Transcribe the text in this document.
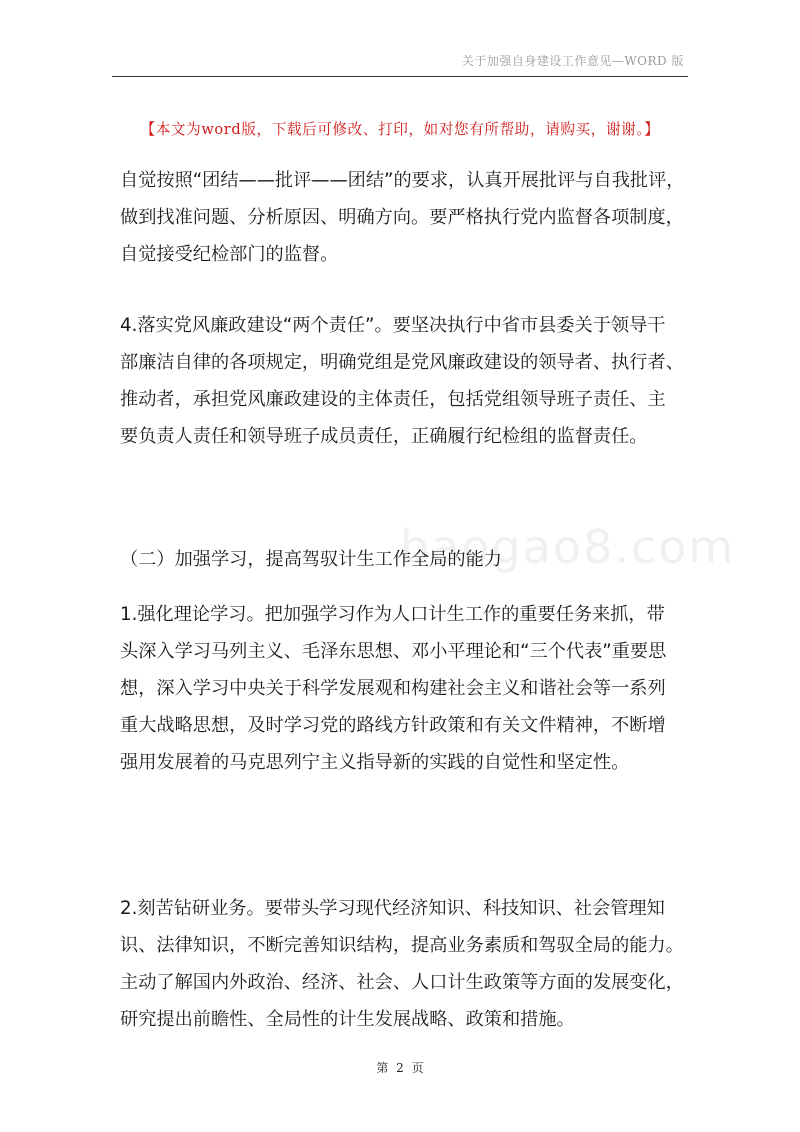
关于加强自身建设工作意见—WORD 版
【本文为word版，下载后可修改、打印，如对您有所帮助，请购买，谢谢。】
baogao8.com

自觉按照“团结——批评——团结”的要求，认真开展批评与自我批评，
做到找准问题、分析原因、明确方向。要严格执行党内监督各项制度，
自觉接受纪检部门的监督。

4.落实党风廉政建设“两个责任”。要坚决执行中省市县委关于领导干
部廉洁自律的各项规定，明确党组是党风廉政建设的领导者、执行者、
推动者，承担党风廉政建设的主体责任，包括党组领导班子责任、主
要负责人责任和领导班子成员责任，正确履行纪检组的监督责任。

（二）加强学习，提高驾驭计生工作全局的能力

1.强化理论学习。把加强学习作为人口计生工作的重要任务来抓，带
头深入学习马列主义、毛泽东思想、邓小平理论和“三个代表”重要思
想，深入学习中央关于科学发展观和构建社会主义和谐社会等一系列
重大战略思想，及时学习党的路线方针政策和有关文件精神，不断增
强用发展着的马克思列宁主义指导新的实践的自觉性和坚定性。

2.刻苦钻研业务。要带头学习现代经济知识、科技知识、社会管理知
识、法律知识，不断完善知识结构，提高业务素质和驾驭全局的能力。
主动了解国内外政治、经济、社会、人口计生政策等方面的发展变化，
研究提出前瞻性、全局性的计生发展战略、政策和措施。

第 2 页
